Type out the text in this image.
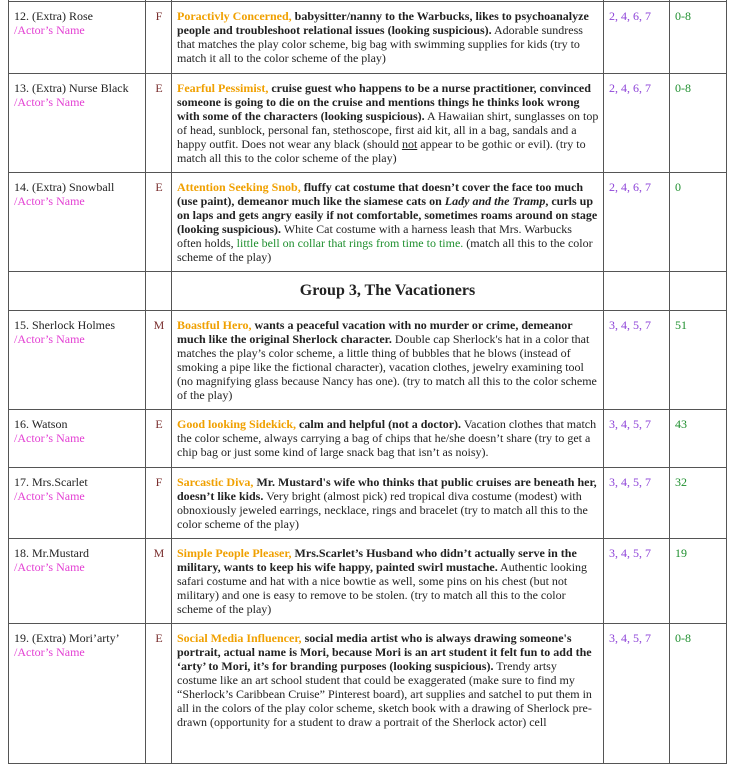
12. (Extra) Rose
/Actor’s Name	F	Poractivly Concerned, babysitter/nanny to the Warbucks, likes to psychoanalyze people and troubleshoot relational issues (looking suspicious). Adorable sundress that matches the play color scheme, big bag with swimming supplies for kids (try to match it all to the color scheme of the play)	2, 4, 6, 7	0-8
13. (Extra) Nurse Black
/Actor’s Name	E	Fearful Pessimist, cruise guest who happens to be a nurse practitioner, convinced someone is going to die on the cruise and mentions things he thinks look wrong with some of the characters (looking suspicious). A Hawaiian shirt, sunglasses on top of head, sunblock, personal fan, stethoscope, first aid kit, all in a bag, sandals and a happy outfit. Does not wear any black (should not appear to be gothic or evil). (try to match all this to the color scheme of the play)	2, 4, 6, 7	0-8
14. (Extra) Snowball
/Actor’s Name	E	Attention Seeking Snob, fluffy cat costume that doesn’t cover the face too much (use paint), demeanor much like the siamese cats on Lady and the Tramp, curls up on laps and gets angry easily if not comfortable, sometimes roams around on stage (looking suspicious). White Cat costume with a harness leash that Mrs. Warbucks often holds, little bell on collar that rings from time to time. (match all this to the color scheme of the play)	2, 4, 6, 7	0
		Group 3, The Vacationers		
15. Sherlock Holmes
/Actor’s Name	M	Boastful Hero, wants a peaceful vacation with no murder or crime, demeanor much like the original Sherlock character. Double cap Sherlock's hat in a color that matches the play’s color scheme, a little thing of bubbles that he blows (instead of smoking a pipe like the fictional character), vacation clothes, jewelry examining tool (no magnifying glass because Nancy has one). (try to match all this to the color scheme of the play)	3, 4, 5, 7	51
16. Watson
/Actor’s Name	E	Good looking Sidekick, calm and helpful (not a doctor). Vacation clothes that match the color scheme, always carrying a bag of chips that he/she doesn’t share (try to get a chip bag or just some kind of large snack bag that isn’t as noisy).	3, 4, 5, 7	43
17. Mrs.Scarlet
/Actor’s Name	F	Sarcastic Diva, Mr. Mustard's wife who thinks that public cruises are beneath her, doesn’t like kids. Very bright (almost pick) red tropical diva costume (modest) with obnoxiously jeweled earrings, necklace, rings and bracelet (try to match all this to the color scheme of the play)	3, 4, 5, 7	32
18. Mr.Mustard
/Actor’s Name	M	Simple People Pleaser, Mrs.Scarlet’s Husband who didn’t actually serve in the military, wants to keep his wife happy, painted swirl mustache. Authentic looking safari costume and hat with a nice bowtie as well, some pins on his chest (but not military) and one is easy to remove to be stolen. (try to match all this to the color scheme of the play)	3, 4, 5, 7	19
19. (Extra) Mori’arty’
/Actor’s Name	E	Social Media Influencer, social media artist who is always drawing someone's portrait, actual name is Mori, because Mori is an art student it felt fun to add the ‘arty’ to Mori, it’s for branding purposes (looking suspicious). Trendy artsy costume like an art school student that could be exaggerated (make sure to find my “Sherlock’s Caribbean Cruise” Pinterest board), art supplies and satchel to put them in all in the colors of the play color scheme, sketch book with a drawing of Sherlock pre-drawn (opportunity for a student to draw a portrait of the Sherlock actor) cell	3, 4, 5, 7	0-8
